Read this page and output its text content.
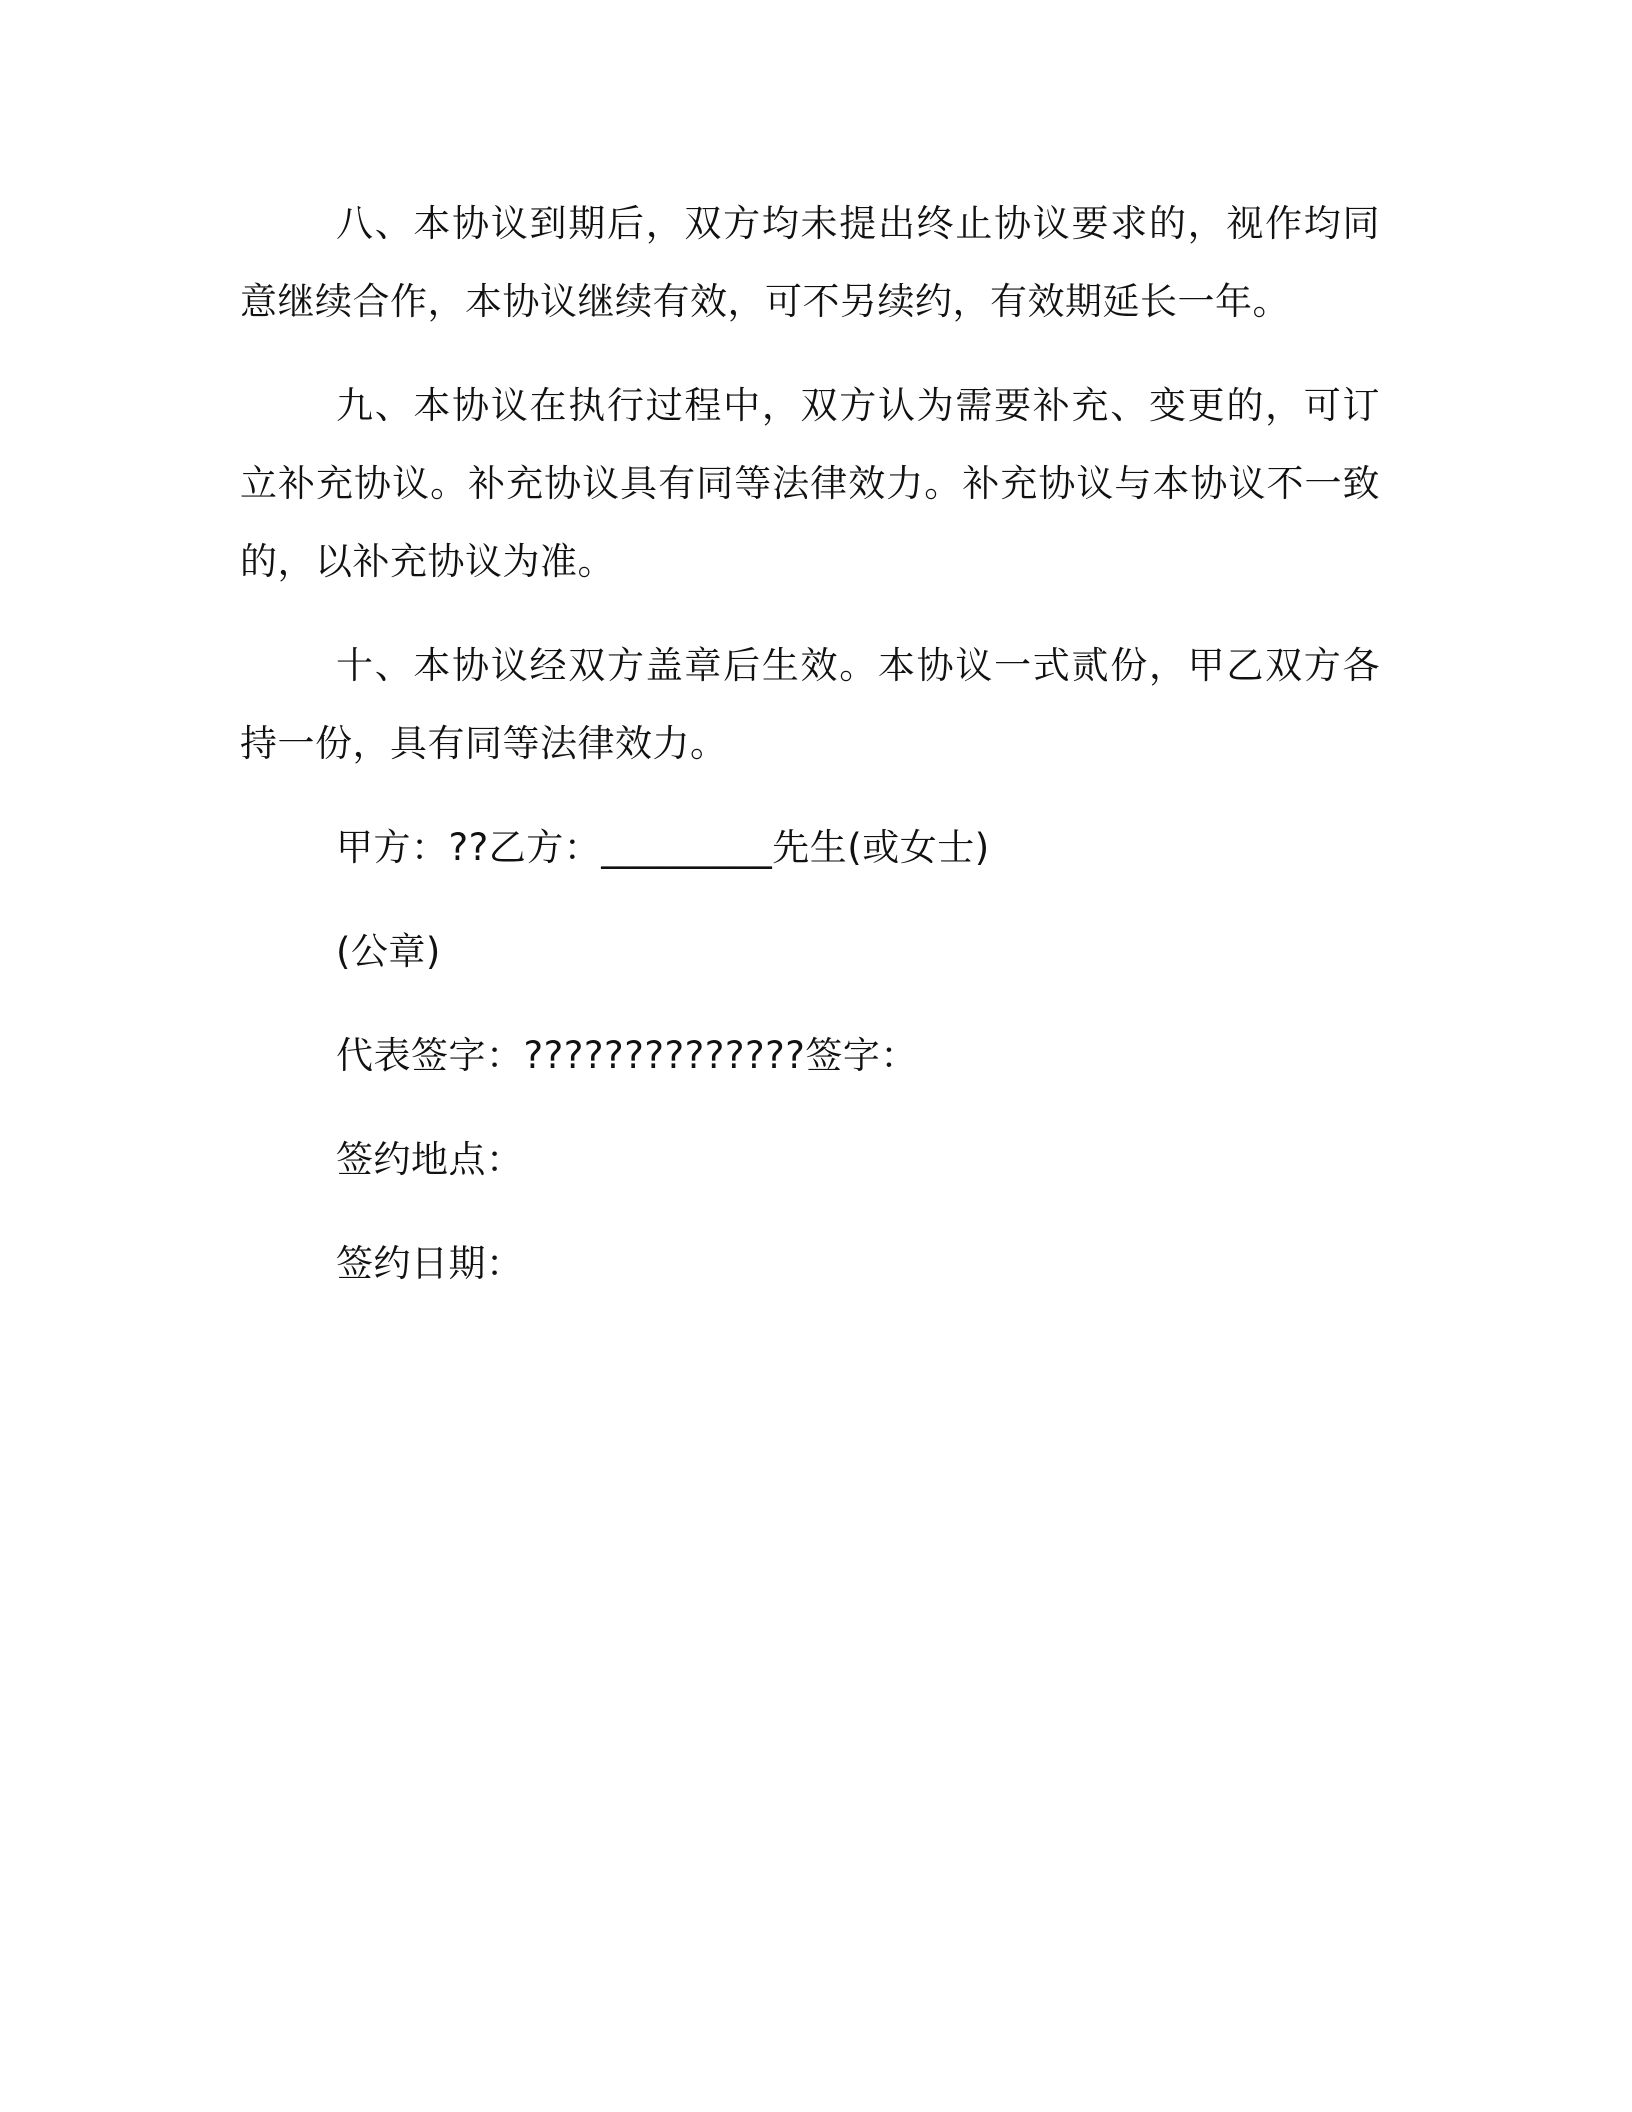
八、本协议到期后，双方均未提出终止协议要求的，视作均同意继续合作，本协议继续有效，可不另续约，有效期延长一年。

九、本协议在执行过程中，双方认为需要补充、变更的，可订立补充协议。补充协议具有同等法律效力。补充协议与本协议不一致的，以补充协议为准。

十、本协议经双方盖章后生效。本协议一式贰份，甲乙双方各持一份，具有同等法律效力。

甲方：??乙方：_________先生(或女士)
(公章)
代表签字：??????????????签字：
签约地点：
签约日期：
